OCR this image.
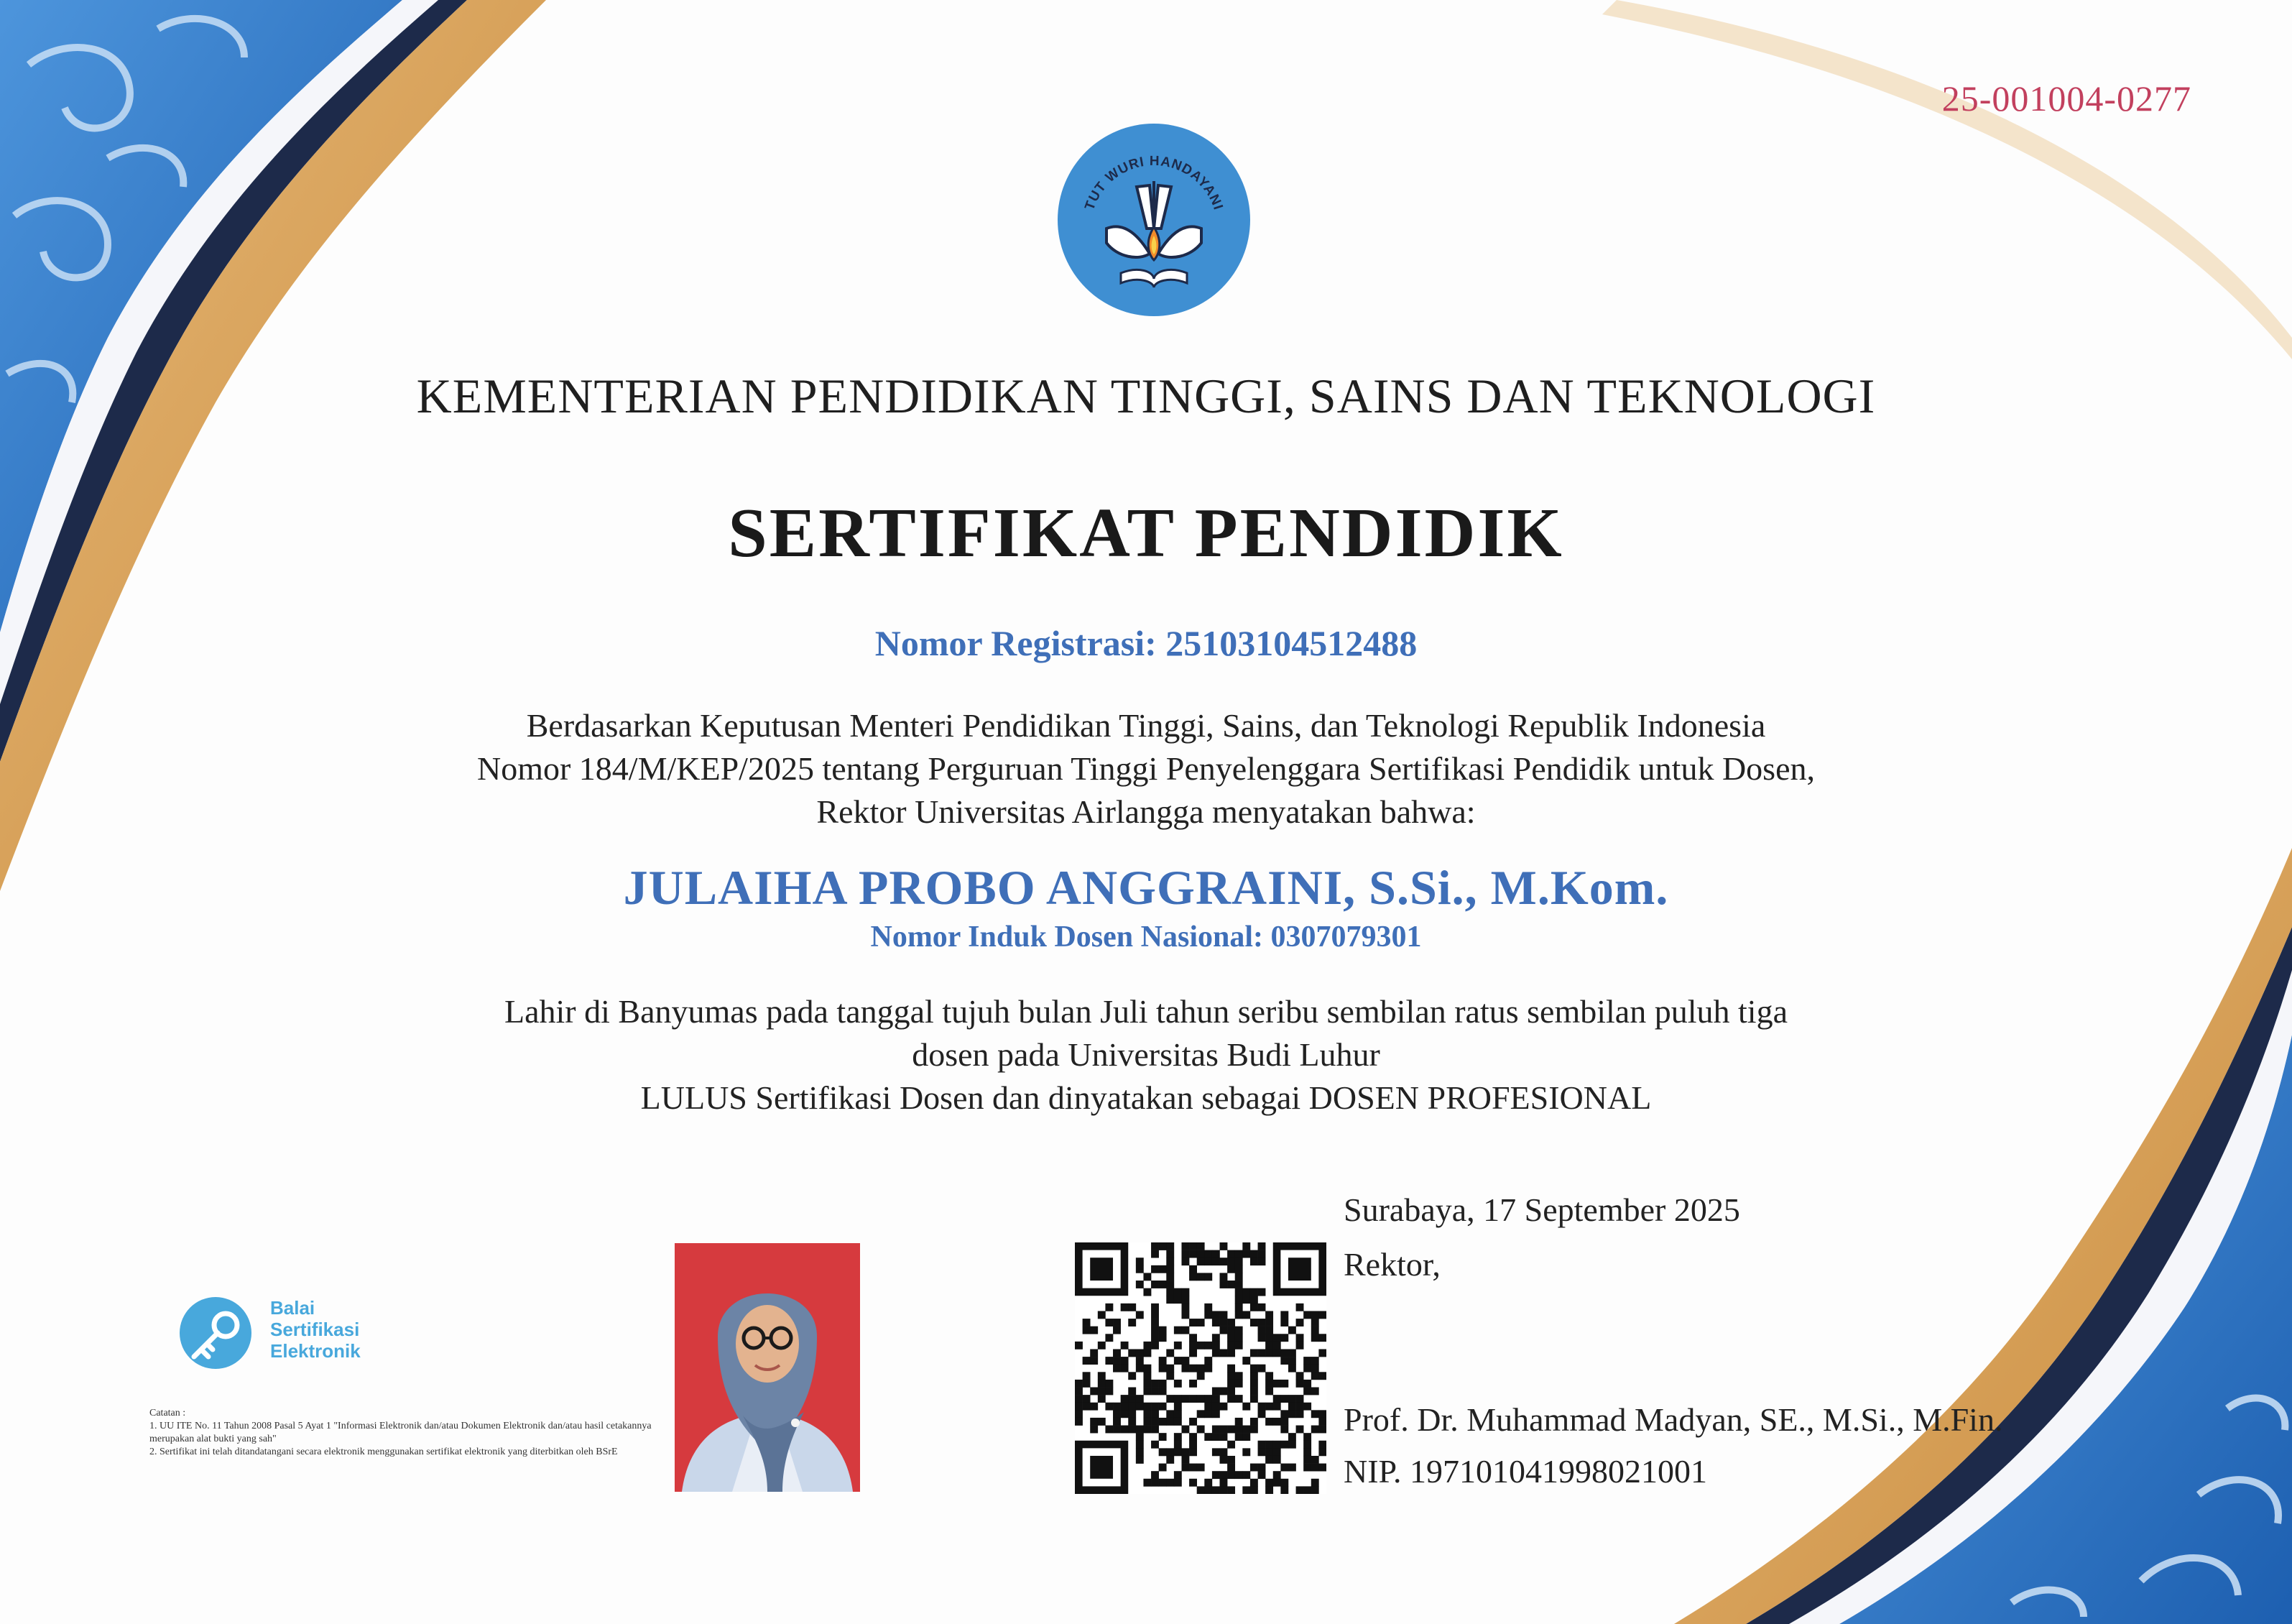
25-001004-0277
TUT WURI HANDAYANI
KEMENTERIAN PENDIDIKAN TINGGI, SAINS DAN TEKNOLOGI
SERTIFIKAT PENDIDIK
Nomor Registrasi: 25103104512488
Berdasarkan Keputusan Menteri Pendidikan Tinggi, Sains, dan Teknologi Republik Indonesia
Nomor 184/M/KEP/2025 tentang Perguruan Tinggi Penyelenggara Sertifikasi Pendidik untuk Dosen,
Rektor Universitas Airlangga menyatakan bahwa:
JULAIHA PROBO ANGGRAINI, S.Si., M.Kom.
Nomor Induk Dosen Nasional: 0307079301
Lahir di Banyumas pada tanggal tujuh bulan Juli tahun seribu sembilan ratus sembilan puluh tiga
dosen pada Universitas Budi Luhur
LULUS Sertifikasi Dosen dan dinyatakan sebagai DOSEN PROFESIONAL
Balai
Sertifikasi
Elektronik
Catatan :
1. UU ITE No. 11 Tahun 2008 Pasal 5 Ayat 1 "Informasi Elektronik dan/atau Dokumen Elektronik dan/atau hasil cetakannya merupakan alat bukti yang sah"
2. Sertifikat ini telah ditandatangani secara elektronik menggunakan sertifikat elektronik yang diterbitkan oleh BSrE
Surabaya, 17 September 2025
Rektor,
Prof. Dr. Muhammad Madyan, SE., M.Si., M.Fin.
NIP. 197101041998021001
